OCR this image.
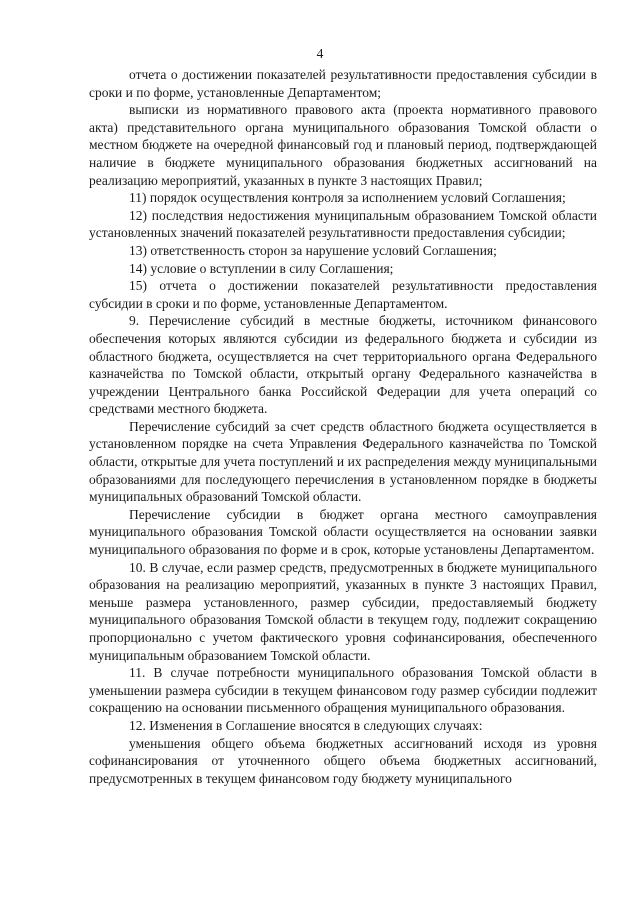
4

отчета о достижении показателей результативности предоставления субсидии в сроки и по форме, установленные Департаментом;

выписки из нормативного правового акта (проекта нормативного правового акта) представительного органа муниципального образования Томской области о местном бюджете на очередной финансовый год и плановый период, подтверждающей наличие в бюджете муниципального образования бюджетных ассигнований на реализацию мероприятий, указанных в пункте 3 настоящих Правил;

11) порядок осуществления контроля за исполнением условий Соглашения;

12) последствия недостижения муниципальным образованием Томской области установленных значений показателей результативности предоставления субсидии;

13) ответственность сторон за нарушение условий Соглашения;

14) условие о вступлении в силу Соглашения;

15) отчета о достижении показателей результативности предоставления субсидии в сроки и по форме, установленные Департаментом.

9. Перечисление субсидий в местные бюджеты, источником финансового обеспечения которых являются субсидии из федерального бюджета и субсидии из областного бюджета, осуществляется на счет территориального органа Федерального казначейства по Томской области, открытый органу Федерального казначейства в учреждении Центрального банка Российской Федерации для учета операций со средствами местного бюджета.

Перечисление субсидий за счет средств областного бюджета осуществляется в установленном порядке на счета Управления Федерального казначейства по Томской области, открытые для учета поступлений и их распределения между муниципальными образованиями для последующего перечисления в установленном порядке в бюджеты муниципальных образований Томской области.

Перечисление субсидии в бюджет органа местного самоуправления муниципального образования Томской области осуществляется на основании заявки муниципального образования по форме и в срок, которые установлены Департаментом.

10. В случае, если размер средств, предусмотренных в бюджете муниципального образования на реализацию мероприятий, указанных в пункте 3 настоящих Правил, меньше размера установленного, размер субсидии, предоставляемый бюджету муниципального образования Томской области в текущем году, подлежит сокращению пропорционально с учетом фактического уровня софинансирования, обеспеченного муниципальным образованием Томской области.

11. В случае потребности муниципального образования Томской области в уменьшении размера субсидии в текущем финансовом году размер субсидии подлежит сокращению на основании письменного обращения муниципального образования.

12. Изменения в Соглашение вносятся в следующих случаях:

уменьшения общего объема бюджетных ассигнований исходя из уровня софинансирования от уточненного общего объема бюджетных ассигнований, предусмотренных в текущем финансовом году бюджету муниципального
